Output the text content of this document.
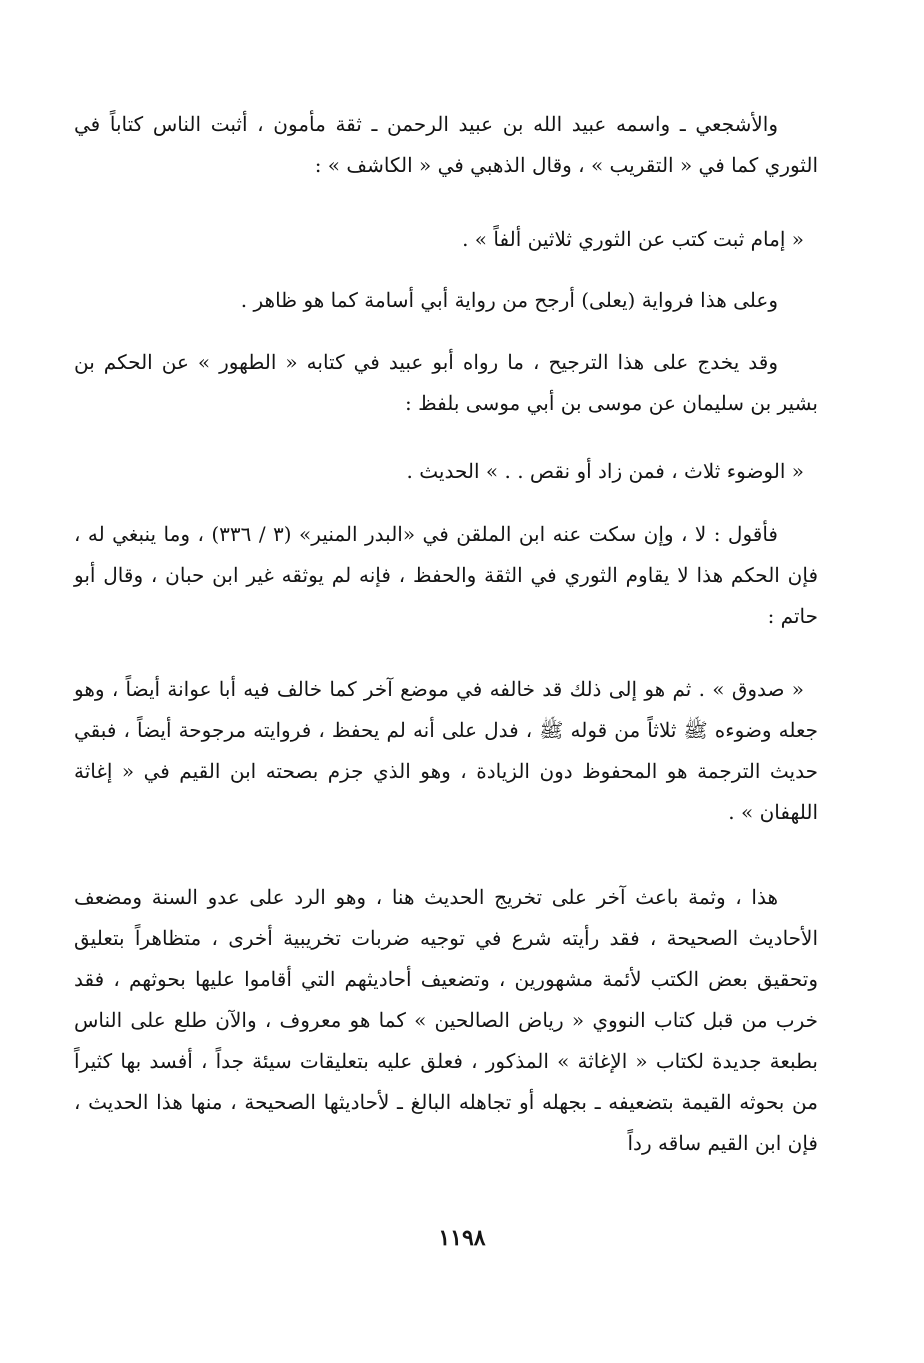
والأشجعي ـ واسمه عبيد الله بن عبيد الرحمن ـ ثقة مأمون ، أثبت الناس كتاباً في الثوري كما في « التقريب » ، وقال الذهبي في « الكاشف » :

« إمام ثبت كتب عن الثوري ثلاثين ألفاً » .

وعلى هذا فرواية (يعلى) أرجح من رواية أبي أسامة كما هو ظاهر .

وقد يخدج على هذا الترجيح ، ما رواه أبو عبيد في كتابه « الطهور » عن الحكم بن بشير بن سليمان عن موسى بن أبي موسى بلفظ :

« الوضوء ثلاث ، فمن زاد أو نقص . . » الحديث .

فأقول : لا ، وإن سكت عنه ابن الملقن في «البدر المنير» (٣ / ٣٣٦) ، وما ينبغي له ، فإن الحكم هذا لا يقاوم الثوري في الثقة والحفظ ، فإنه لم يوثقه غير ابن حبان ، وقال أبو حاتم :

« صدوق » . ثم هو إلى ذلك قد خالفه في موضع آخر كما خالف فيه أبا عوانة أيضاً ، وهو جعله وضوءه ﷺ ثلاثاً من قوله ﷺ ، فدل على أنه لم يحفظ ، فروايته مرجوحة أيضاً ، فبقي حديث الترجمة هو المحفوظ دون الزيادة ، وهو الذي جزم بصحته ابن القيم في « إغاثة اللهفان » .

هذا ، وثمة باعث آخر على تخريج الحديث هنا ، وهو الرد على عدو السنة ومضعف الأحاديث الصحيحة ، فقد رأيته شرع في توجيه ضربات تخريبية أخرى ، متظاهراً بتعليق وتحقيق بعض الكتب لأئمة مشهورين ، وتضعيف أحاديثهم التي أقاموا عليها بحوثهم ، فقد خرب من قبل كتاب النووي « رياض الصالحين » كما هو معروف ، والآن طلع على الناس بطبعة جديدة لكتاب « الإغاثة » المذكور ، فعلق عليه بتعليقات سيئة جداً ، أفسد بها كثيراً من بحوثه القيمة بتضعيفه ـ بجهله أو تجاهله البالغ ـ لأحاديثها الصحيحة ، منها هذا الحديث ، فإن ابن القيم ساقه رداً

١١٩٨
